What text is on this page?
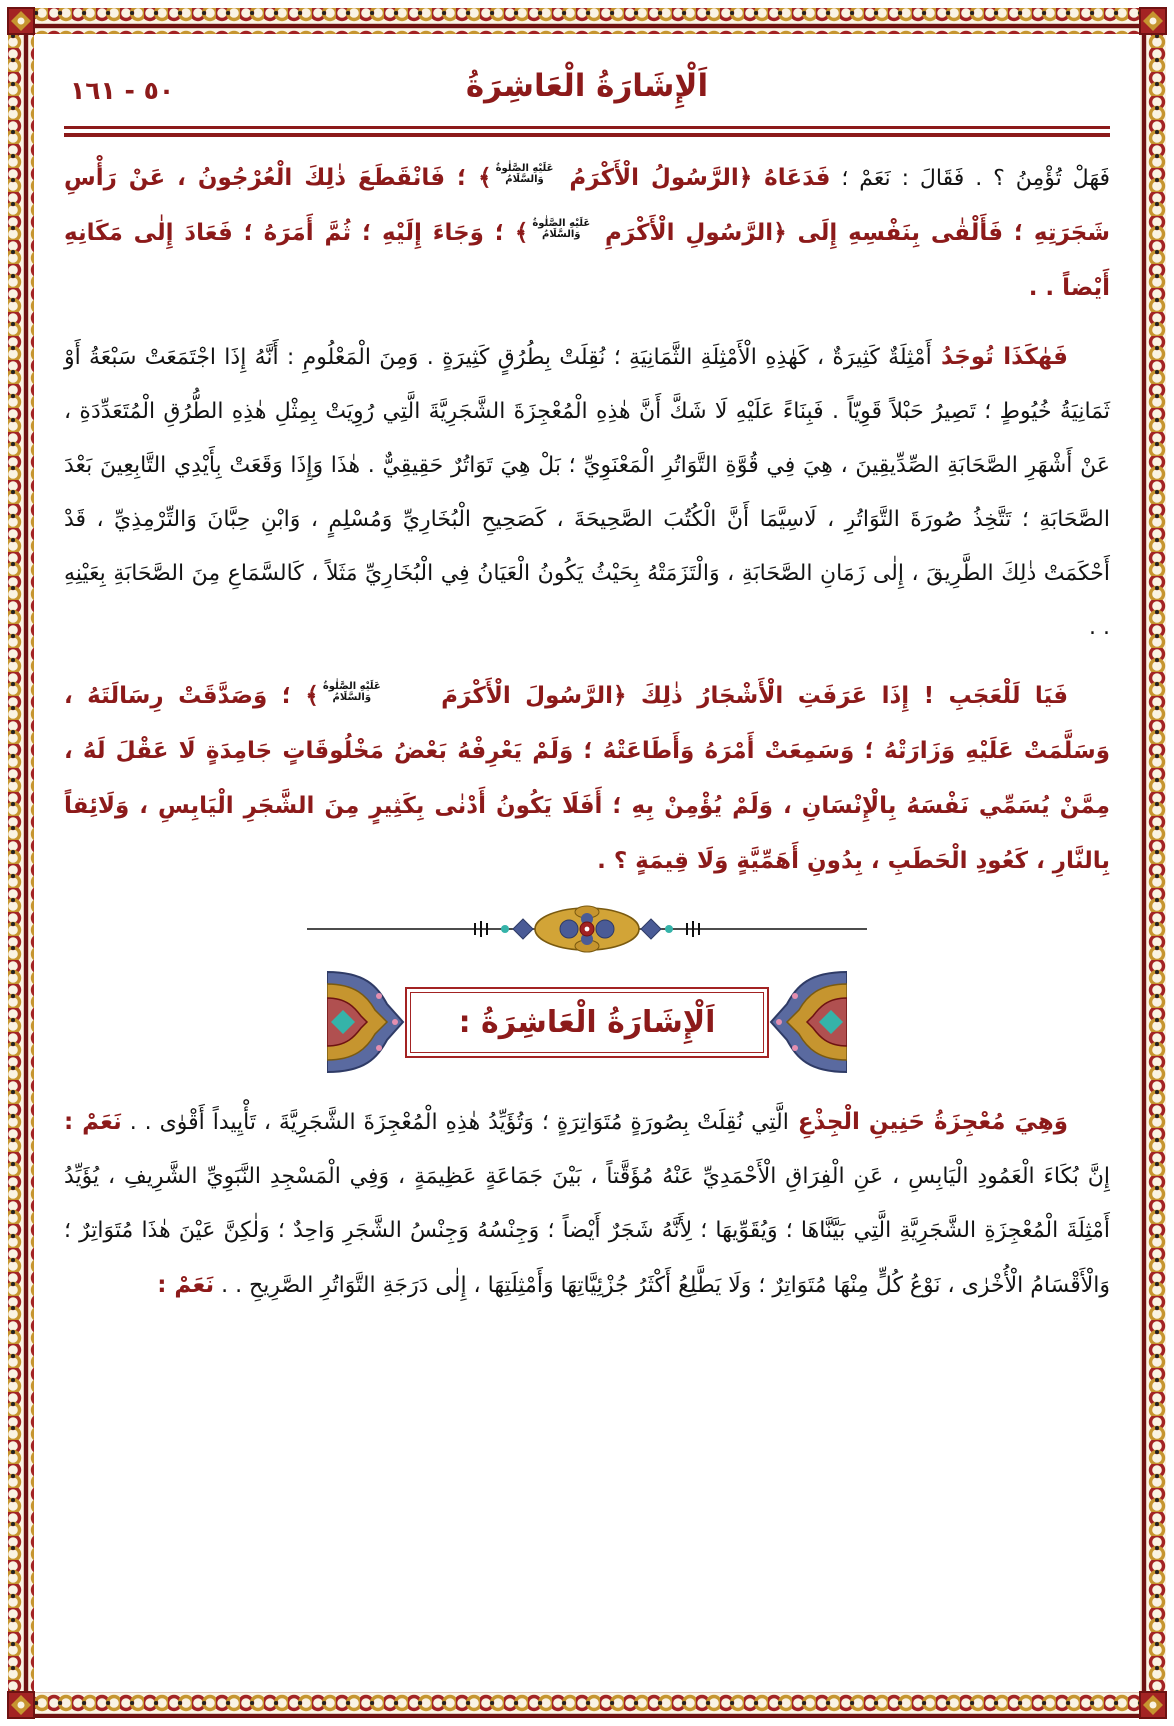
اَلْإِشَارَةُ الْعَاشِرَةُ
٥٠ - ١٦١

فَهَلْ تُؤْمِنُ ؟ . فَقَالَ : نَعَمْ ؛ فَدَعَاهُ ﴿الرَّسُولُ الْأَكْرَمُ
عَلَيْهِ الصَّلٰوةُ
وَالسَّلَامُ
﴾ ؛ فَانْقَطَعَ ذٰلِكَ الْعُرْجُونُ ، عَنْ رَأْسِ شَجَرَتِهِ ؛ فَأَلْقٰى بِنَفْسِهِ إِلَى ﴿الرَّسُولِ الْأَكْرَمِ
عَلَيْهِ الصَّلٰوةُ
وَالسَّلَامُ
﴾ ؛ وَجَاءَ إِلَيْهِ ؛ ثُمَّ أَمَرَهُ ؛ فَعَادَ إِلٰى مَكَانِهِ أَيْضاً . .

فَهٰكَذَا تُوجَدُ أَمْثِلَةٌ كَثِيرَةٌ ، كَهٰذِهِ الْأَمْثِلَةِ الثَّمَانِيَةِ ؛ نُقِلَتْ بِطُرُقٍ كَثِيرَةٍ . وَمِنَ الْمَعْلُومِ : أَنَّهُ إِذَا اجْتَمَعَتْ سَبْعَةُ أَوْ ثَمَانِيَةُ خُيُوطٍ ؛ تَصِيرُ حَبْلاً قَوِيّاً . فَبِنَاءً عَلَيْهِ لَا شَكَّ أَنَّ هٰذِهِ الْمُعْجِزَةَ الشَّجَرِيَّةَ الَّتِي رُوِيَتْ بِمِثْلِ هٰذِهِ الطُّرُقِ الْمُتَعَدِّدَةِ ، عَنْ أَشْهَرِ الصَّحَابَةِ الصِّدِّيقِينَ ، هِيَ فِي قُوَّةِ التَّوَاتُرِ الْمَعْنَوِيِّ ؛ بَلْ هِيَ تَوَاتُرٌ حَقِيقِيٌّ . هٰذَا وَإِذَا وَقَعَتْ بِأَيْدِي التَّابِعِينَ بَعْدَ الصَّحَابَةِ ؛ تَتَّخِذُ صُورَةَ التَّوَاتُرِ ، لَاسِيَّمَا أَنَّ الْكُتُبَ الصَّحِيحَةَ ، كَصَحِيحِ الْبُخَارِيِّ وَمُسْلِمٍ ، وَابْنِ حِبَّانَ وَالتِّرْمِذِيِّ ، قَدْ أَحْكَمَتْ ذٰلِكَ الطَّرِيقَ ، إِلٰى زَمَانِ الصَّحَابَةِ ، وَالْتَزَمَتْهُ بِحَيْثُ يَكُونُ الْعَيَانُ فِي الْبُخَارِيِّ مَثَلاً ، كَالسَّمَاعِ مِنَ الصَّحَابَةِ بِعَيْنِهِ . .

فَيَا لَلْعَجَبِ ! إِذَا عَرَفَتِ الْأَشْجَارُ ذٰلِكَ ﴿الرَّسُولَ الْأَكْرَمَ
عَلَيْهِ الصَّلٰوةُ
وَالسَّلَامُ
﴾ ؛ وَصَدَّقَتْ رِسَالَتَهُ ، وَسَلَّمَتْ عَلَيْهِ وَزَارَتْهُ ؛ وَسَمِعَتْ أَمْرَهُ وَأَطَاعَتْهُ ؛ وَلَمْ يَعْرِفْهُ بَعْضُ مَخْلُوقَاتٍ جَامِدَةٍ لَا عَقْلَ لَهُ ، مِمَّنْ يُسَمِّي نَفْسَهُ بِالْإِنْسَانِ ، وَلَمْ يُؤْمِنْ بِهِ ؛ أَفَلَا يَكُونُ أَدْنٰى بِكَثِيرٍ مِنَ الشَّجَرِ الْيَابِسِ ، وَلَائِقاً بِالنَّارِ ، كَعُودِ الْحَطَبِ ، بِدُونِ أَهَمِّيَّةٍ وَلَا قِيمَةٍ ؟ .

اَلْإِشَارَةُ الْعَاشِرَةُ :

وَهِيَ مُعْجِزَةُ حَنِينِ الْجِذْعِ الَّتِي نُقِلَتْ بِصُورَةٍ مُتَوَاتِرَةٍ ؛ وَتُؤَيِّدُ هٰذِهِ الْمُعْجِزَةَ الشَّجَرِيَّةَ ، تَأْيِيداً أَقْوٰى . . نَعَمْ : إِنَّ بُكَاءَ الْعَمُودِ الْيَابِسِ ، عَنِ الْفِرَاقِ الْأَحْمَدِيِّ عَنْهُ مُؤَقَّتاً ، بَيْنَ جَمَاعَةٍ عَظِيمَةٍ ، وَفِي الْمَسْجِدِ النَّبَوِيِّ الشَّرِيفِ ، يُؤَيِّدُ أَمْثِلَةَ الْمُعْجِزَةِ الشَّجَرِيَّةِ الَّتِي بَيَّنَّاهَا ؛ وَيُقَوِّيهَا ؛ لِأَنَّهُ شَجَرٌ أَيْضاً ؛ وَجِنْسُهُ وَجِنْسُ الشَّجَرِ وَاحِدٌ ؛ وَلٰكِنَّ عَيْنَ هٰذَا مُتَوَاتِرٌ ؛ وَالْأَقْسَامُ الْأُخْرٰى ، نَوْعُ كُلٍّ مِنْهَا مُتَوَاتِرٌ ؛ وَلَا يَطَّلِعُ أَكْثَرُ جُزْئِيَّاتِهَا وَأَمْثِلَتِهَا ، إِلٰى دَرَجَةِ التَّوَاتُرِ الصَّرِيحِ . . نَعَمْ :
